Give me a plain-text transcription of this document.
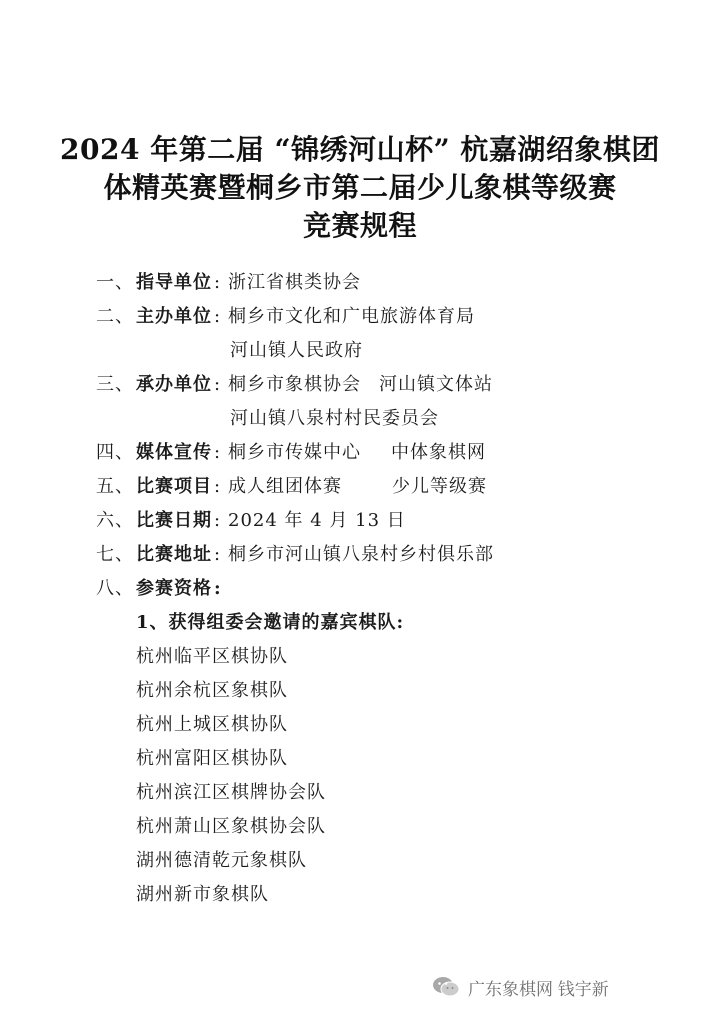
2024 年第二届 “锦绣河山杯” 杭嘉湖绍象棋团
体精英赛暨桐乡市第二届少儿象棋等级赛
竞赛规程
一、 指导单位 : 浙江省棋类协会
二、 主办单位 : 桐乡市文化和广电旅游体育局
河山镇人民政府
三、 承办单位 : 桐乡市象棋协会 河山镇文体站
河山镇八泉村村民委员会
四、 媒体宣传 : 桐乡市传媒中心 中体象棋网
五、 比赛项目 : 成人组团体赛	少儿等级赛
六、 比赛日期 : 2024 年 4 月 13 日
七、 比赛地址 : 桐乡市河山镇八泉村乡村俱乐部
八、 参赛资格 :
1、获得组委会邀请的嘉宾棋队:
杭州临平区棋协队
杭州余杭区象棋队
杭州上城区棋协队
杭州富阳区棋协队
杭州滨江区棋牌协会队
杭州萧山区象棋协会队
湖州德清乾元象棋队
湖州新市象棋队
广东象棋网 钱宇新
